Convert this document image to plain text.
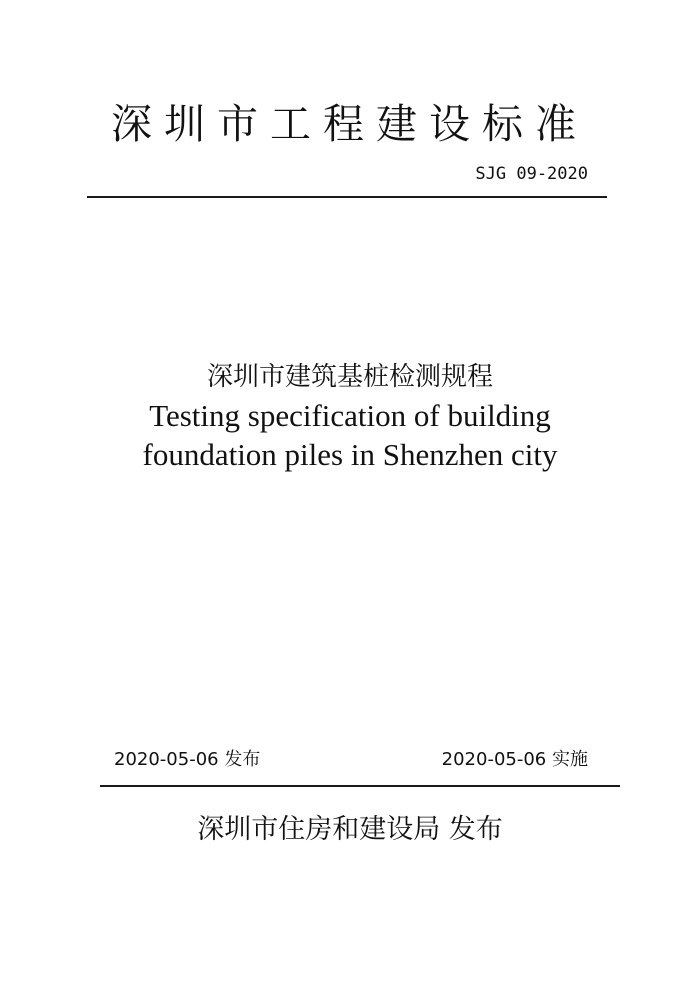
深圳市工程建设标准
SJG 09-2020
深圳市建筑基桩检测规程
Testing specification of building
foundation piles in Shenzhen city
2020-05-06 发布	2020-05-06 实施
深圳市住房和建设局 发布
